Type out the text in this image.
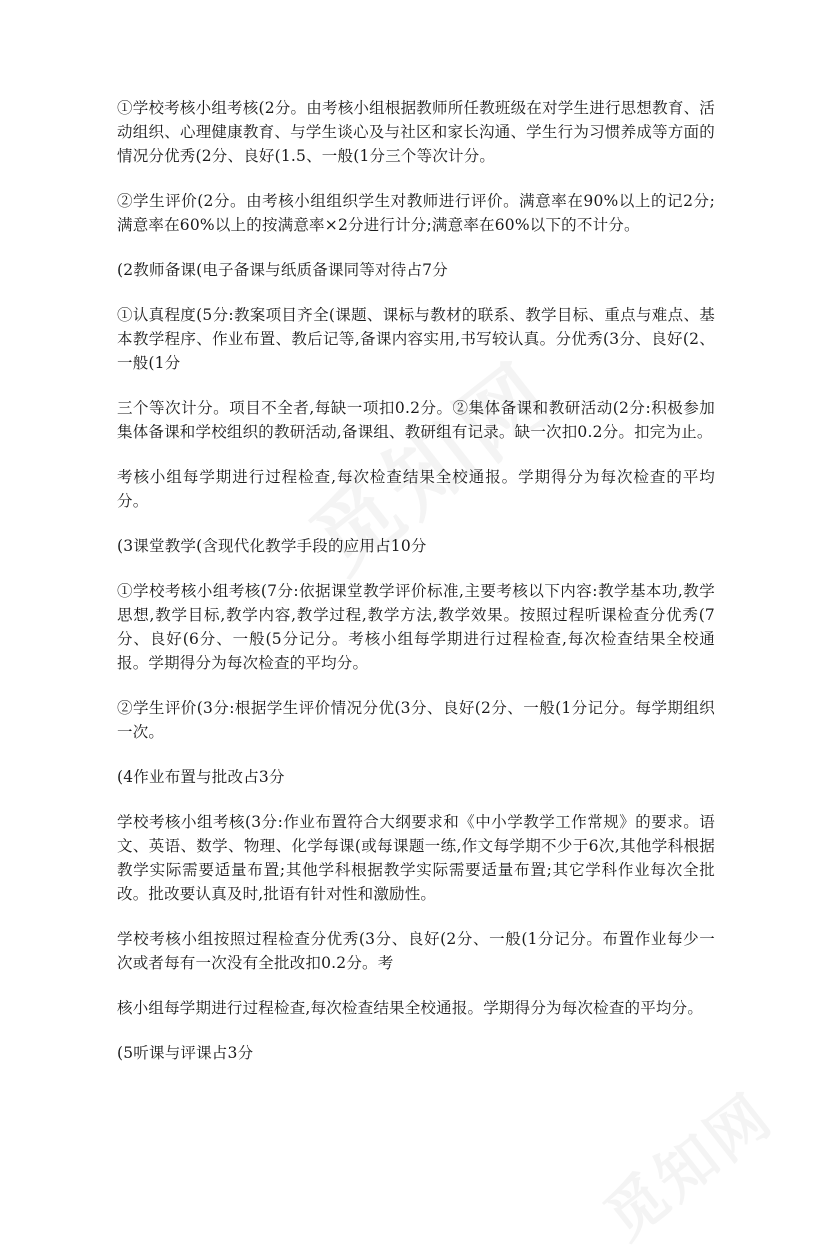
①学校考核小组考核(2分。由考核小组根据教师所任教班级在对学生进行思想教育、活动组织、心理健康教育、与学生谈心及与社区和家长沟通、学生行为习惯养成等方面的情况分优秀(2分、良好(1.5、一般(1分三个等次计分。

②学生评价(2分。由考核小组组织学生对教师进行评价。满意率在90%以上的记2分;满意率在60%以上的按满意率×2分进行计分;满意率在60%以下的不计分。

(2教师备课(电子备课与纸质备课同等对待占7分

①认真程度(5分:教案项目齐全(课题、课标与教材的联系、教学目标、重点与难点、基本教学程序、作业布置、教后记等,备课内容实用,书写较认真。分优秀(3分、良好(2、一般(1分

三个等次计分。项目不全者,每缺一项扣0.2分。②集体备课和教研活动(2分:积极参加集体备课和学校组织的教研活动,备课组、教研组有记录。缺一次扣0.2分。扣完为止。

考核小组每学期进行过程检查,每次检查结果全校通报。学期得分为每次检查的平均分。

(3课堂教学(含现代化教学手段的应用占10分

①学校考核小组考核(7分:依据课堂教学评价标准,主要考核以下内容:教学基本功,教学思想,教学目标,教学内容,教学过程,教学方法,教学效果。按照过程听课检查分优秀(7分、良好(6分、一般(5分记分。考核小组每学期进行过程检查,每次检查结果全校通报。学期得分为每次检查的平均分。

②学生评价(3分:根据学生评价情况分优(3分、良好(2分、一般(1分记分。每学期组织一次。

(4作业布置与批改占3分

学校考核小组考核(3分:作业布置符合大纲要求和《中小学教学工作常规》的要求。语文、英语、数学、物理、化学每课(或每课题一练,作文每学期不少于6次,其他学科根据教学实际需要适量布置;其他学科根据教学实际需要适量布置;其它学科作业每次全批改。批改要认真及时,批语有针对性和激励性。

学校考核小组按照过程检查分优秀(3分、良好(2分、一般(1分记分。布置作业每少一次或者每有一次没有全批改扣0.2分。考

核小组每学期进行过程检查,每次检查结果全校通报。学期得分为每次检查的平均分。

(5听课与评课占3分
